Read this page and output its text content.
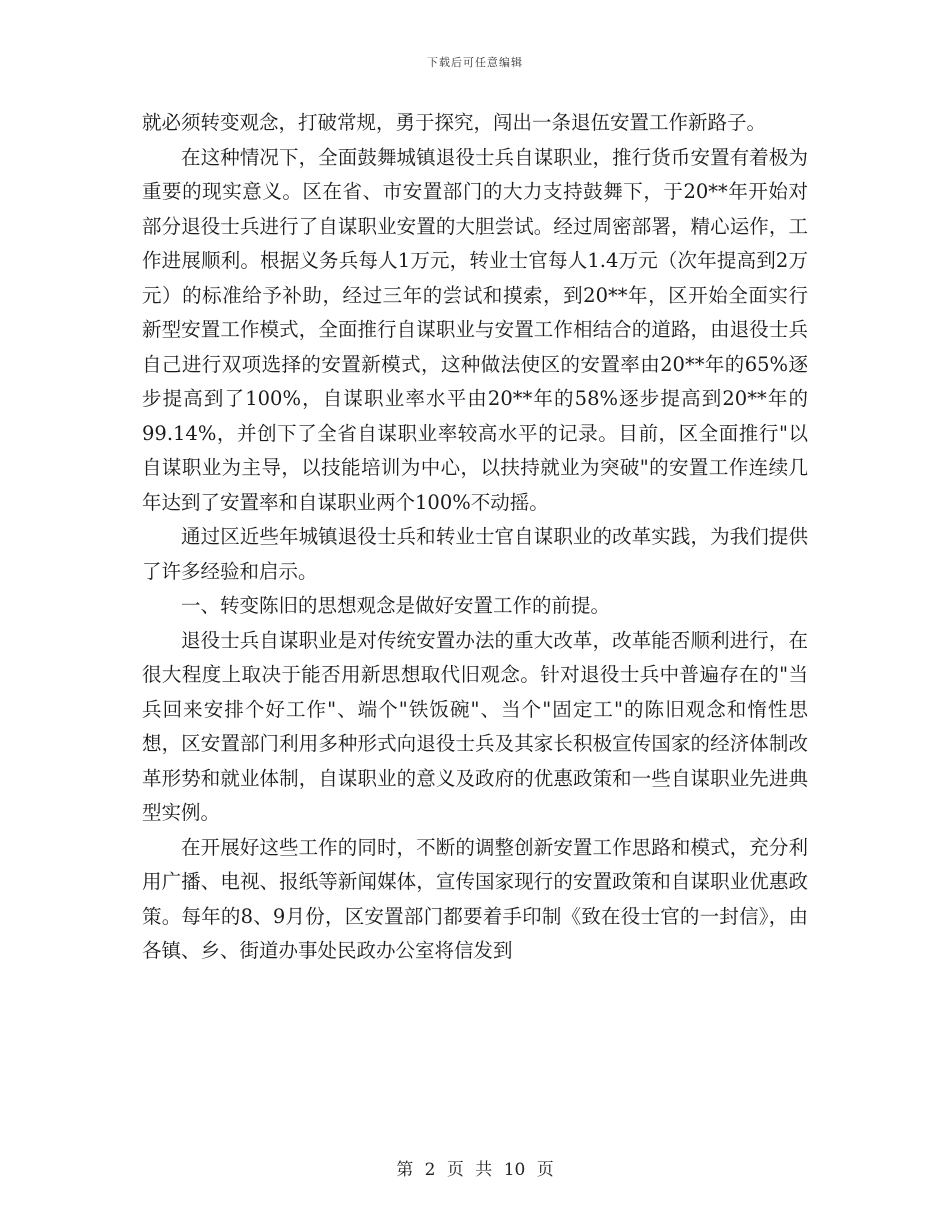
下载后可任意编辑

就必须转变观念，打破常规，勇于探究，闯出一条退伍安置工作新路子。

在这种情况下，全面鼓舞城镇退役士兵自谋职业，推行货币安置有着极为重要的现实意义。区在省、市安置部门的大力支持鼓舞下，于20**年开始对部分退役士兵进行了自谋职业安置的大胆尝试。经过周密部署，精心运作，工作进展顺利。根据义务兵每人1万元，转业士官每人1.4万元（次年提高到2万元）的标准给予补助，经过三年的尝试和摸索，到20**年，区开始全面实行新型安置工作模式，全面推行自谋职业与安置工作相结合的道路，由退役士兵自己进行双项选择的安置新模式，这种做法使区的安置率由20**年的65%逐步提高到了100%，自谋职业率水平由20**年的58%逐步提高到20**年的99.14%，并创下了全省自谋职业率较高水平的记录。目前，区全面推行"以自谋职业为主导，以技能培训为中心，以扶持就业为突破"的安置工作连续几年达到了安置率和自谋职业两个100%不动摇。

通过区近些年城镇退役士兵和转业士官自谋职业的改革实践，为我们提供了许多经验和启示。

一、转变陈旧的思想观念是做好安置工作的前提。

退役士兵自谋职业是对传统安置办法的重大改革，改革能否顺利进行，在很大程度上取决于能否用新思想取代旧观念。针对退役士兵中普遍存在的"当兵回来安排个好工作"、端个"铁饭碗"、当个"固定工"的陈旧观念和惰性思想，区安置部门利用多种形式向退役士兵及其家长积极宣传国家的经济体制改革形势和就业体制，自谋职业的意义及政府的优惠政策和一些自谋职业先进典型实例。

在开展好这些工作的同时，不断的调整创新安置工作思路和模式，充分利用广播、电视、报纸等新闻媒体，宣传国家现行的安置政策和自谋职业优惠政策。每年的8、9月份，区安置部门都要着手印制《致在役士官的一封信》，由各镇、乡、街道办事处民政办公室将信发到

第 2 页 共 10 页
